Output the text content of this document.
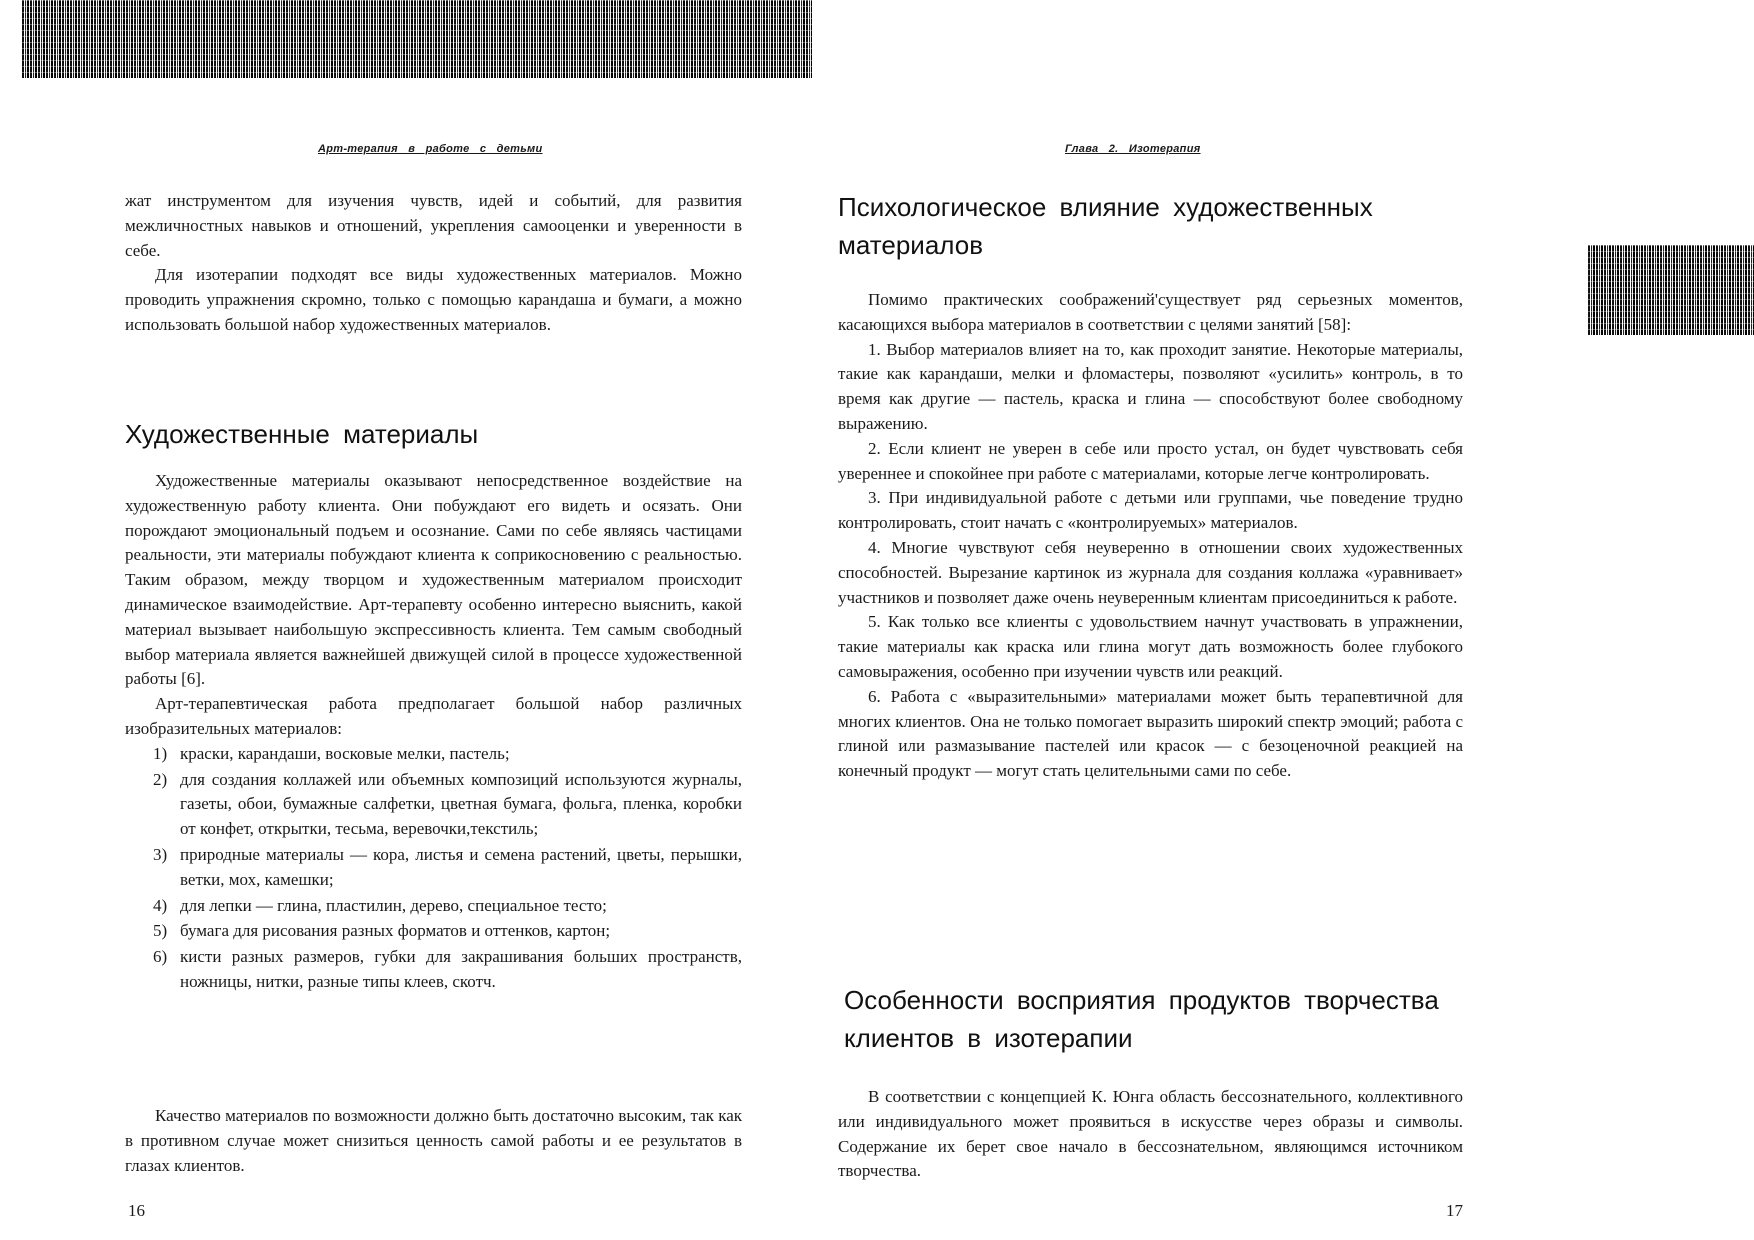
Арт-терапия в работе с детьми

жат инструментом для изучения чувств, идей и событий, для развития межличностных навыков и отношений, укрепления самооценки и уверенности в себе.

Для изотерапии подходят все виды художественных материалов. Можно проводить упражнения скромно, только с помощью карандаша и бумаги, а можно использовать большой набор художественных материалов.

Художественные материалы

Художественные материалы оказывают непосредственное воздействие на художественную работу клиента. Они побуждают его видеть и осязать. Они порождают эмоциональный подъем и осознание. Сами по себе являясь частицами реальности, эти материалы побуждают клиента к соприкосновению с реальностью. Таким образом, между творцом и художественным материалом происходит динамическое взаимодействие. Арт-терапевту особенно интересно выяснить, какой материал вызывает наибольшую экспрессивность клиента. Тем самым свободный выбор материала является важнейшей движущей силой в процессе художественной работы [6].

Арт-терапевтическая работа предполагает большой набор различных изобразительных материалов:

1) краски, карандаши, восковые мелки, пастель;
2) для создания коллажей или объемных композиций используются журналы, газеты, обои, бумажные салфетки, цветная бумага, фольга, пленка, коробки от конфет, открытки, тесьма, веревочки,текстиль;
3) природные материалы — кора, листья и семена растений, цветы, перышки, ветки, мох, камешки;
4) для лепки — глина, пластилин, дерево, специальное тесто;
5) бумага для рисования разных форматов и оттенков, картон;
6) кисти разных размеров, губки для закрашивания больших пространств, ножницы, нитки, разные типы клеев, скотч.

Качество материалов по возможности должно быть достаточно высоким, так как в противном случае может снизиться ценность самой работы и ее результатов в глазах клиентов.

16
Глава 2. Изотерапия
Психологическое влияние художественных материалов

Помимо практических соображений'существует ряд серьезных моментов, касающихся выбора материалов в соответствии с целями занятий [58]:

1. Выбор материалов влияет на то, как проходит занятие. Некоторые материалы, такие как карандаши, мелки и фломастеры, позволяют «усилить» контроль, в то время как другие — пастель, краска и глина — способствуют более свободному выражению.

2. Если клиент не уверен в себе или просто устал, он будет чувствовать себя увереннее и спокойнее при работе с материалами, которые легче контролировать.

3. При индивидуальной работе с детьми или группами, чье поведение трудно контролировать, стоит начать с «контролируемых» материалов.

4. Многие чувствуют себя неуверенно в отношении своих художественных способностей. Вырезание картинок из журнала для создания коллажа «уравнивает» участников и позволяет даже очень неуверенным клиентам присоединиться к работе.

5. Как только все клиенты с удовольствием начнут участвовать в упражнении, такие материалы как краска или глина могут дать возможность более глубокого самовыражения, особенно при изучении чувств или реакций.

6. Работа с «выразительными» материалами может быть терапевтичной для многих клиентов. Она не только помогает выразить широкий спектр эмоций; работа с глиной или размазывание пастелей или красок — с безоценочной реакцией на конечный продукт — могут стать целительными сами по себе.

Особенности восприятия продуктов творчества клиентов в изотерапии

В соответствии с концепцией К. Юнга область бессознательного, коллективного или индивидуального может проявиться в искусстве через образы и символы. Содержание их берет свое начало в бессознательном, являющимся источником творчества.

17
